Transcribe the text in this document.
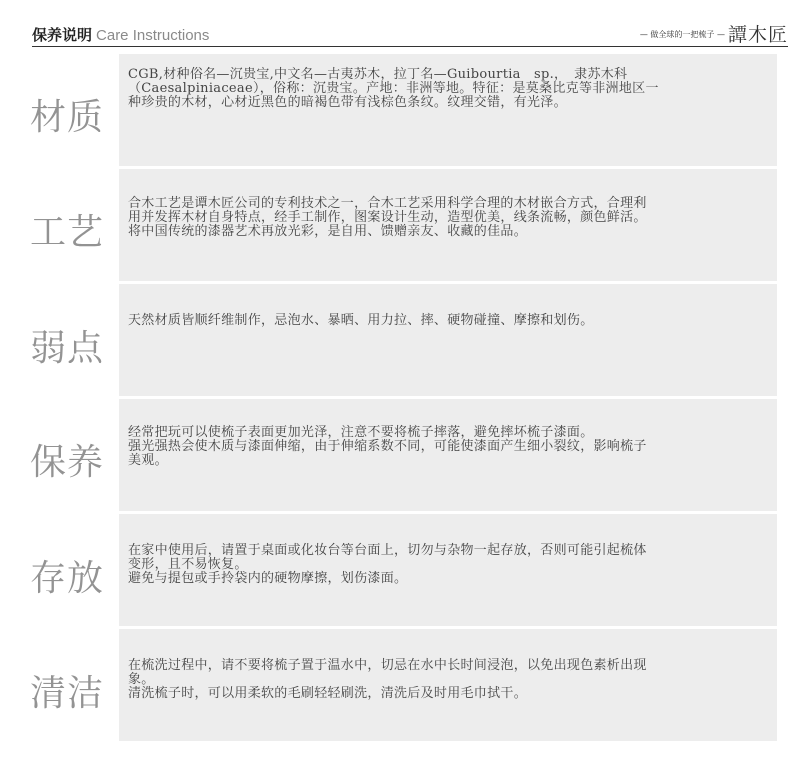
保养说明 Care Instructions	— 做全球的一把梳子 — 譚木匠
材质
CGB,材种俗名—沉贵宝,中文名—古夷苏木，拉丁名—Guibourtia　sp.，　隶苏木科
（Caesalpiniaceae），俗称：沉贵宝。产地：非洲等地。特征：是莫桑比克等非洲地区一
种珍贵的木材，心材近黑色的暗褐色带有浅棕色条纹。纹理交错，有光泽。
工艺
合木工艺是谭木匠公司的专利技术之一，合木工艺采用科学合理的木材嵌合方式，合理利
用并发挥木材自身特点，经手工制作，图案设计生动，造型优美，线条流畅，颜色鲜活。
将中国传统的漆器艺术再放光彩，是自用、馈赠亲友、收藏的佳品。
弱点
天然材质皆顺纤维制作，忌泡水、暴晒、用力拉、摔、硬物碰撞、摩擦和划伤。
保养
经常把玩可以使梳子表面更加光泽，注意不要将梳子摔落，避免摔坏梳子漆面。
强光强热会使木质与漆面伸缩，由于伸缩系数不同，可能使漆面产生细小裂纹，影响梳子
美观。
存放
在家中使用后，请置于桌面或化妆台等台面上，切勿与杂物一起存放，否则可能引起梳体
变形，且不易恢复。
避免与提包或手拎袋内的硬物摩擦，划伤漆面。
清洁
在梳洗过程中，请不要将梳子置于温水中，切忌在水中长时间浸泡，以免出现色素析出现
象。
清洗梳子时，可以用柔软的毛刷轻轻刷洗，清洗后及时用毛巾拭干。
